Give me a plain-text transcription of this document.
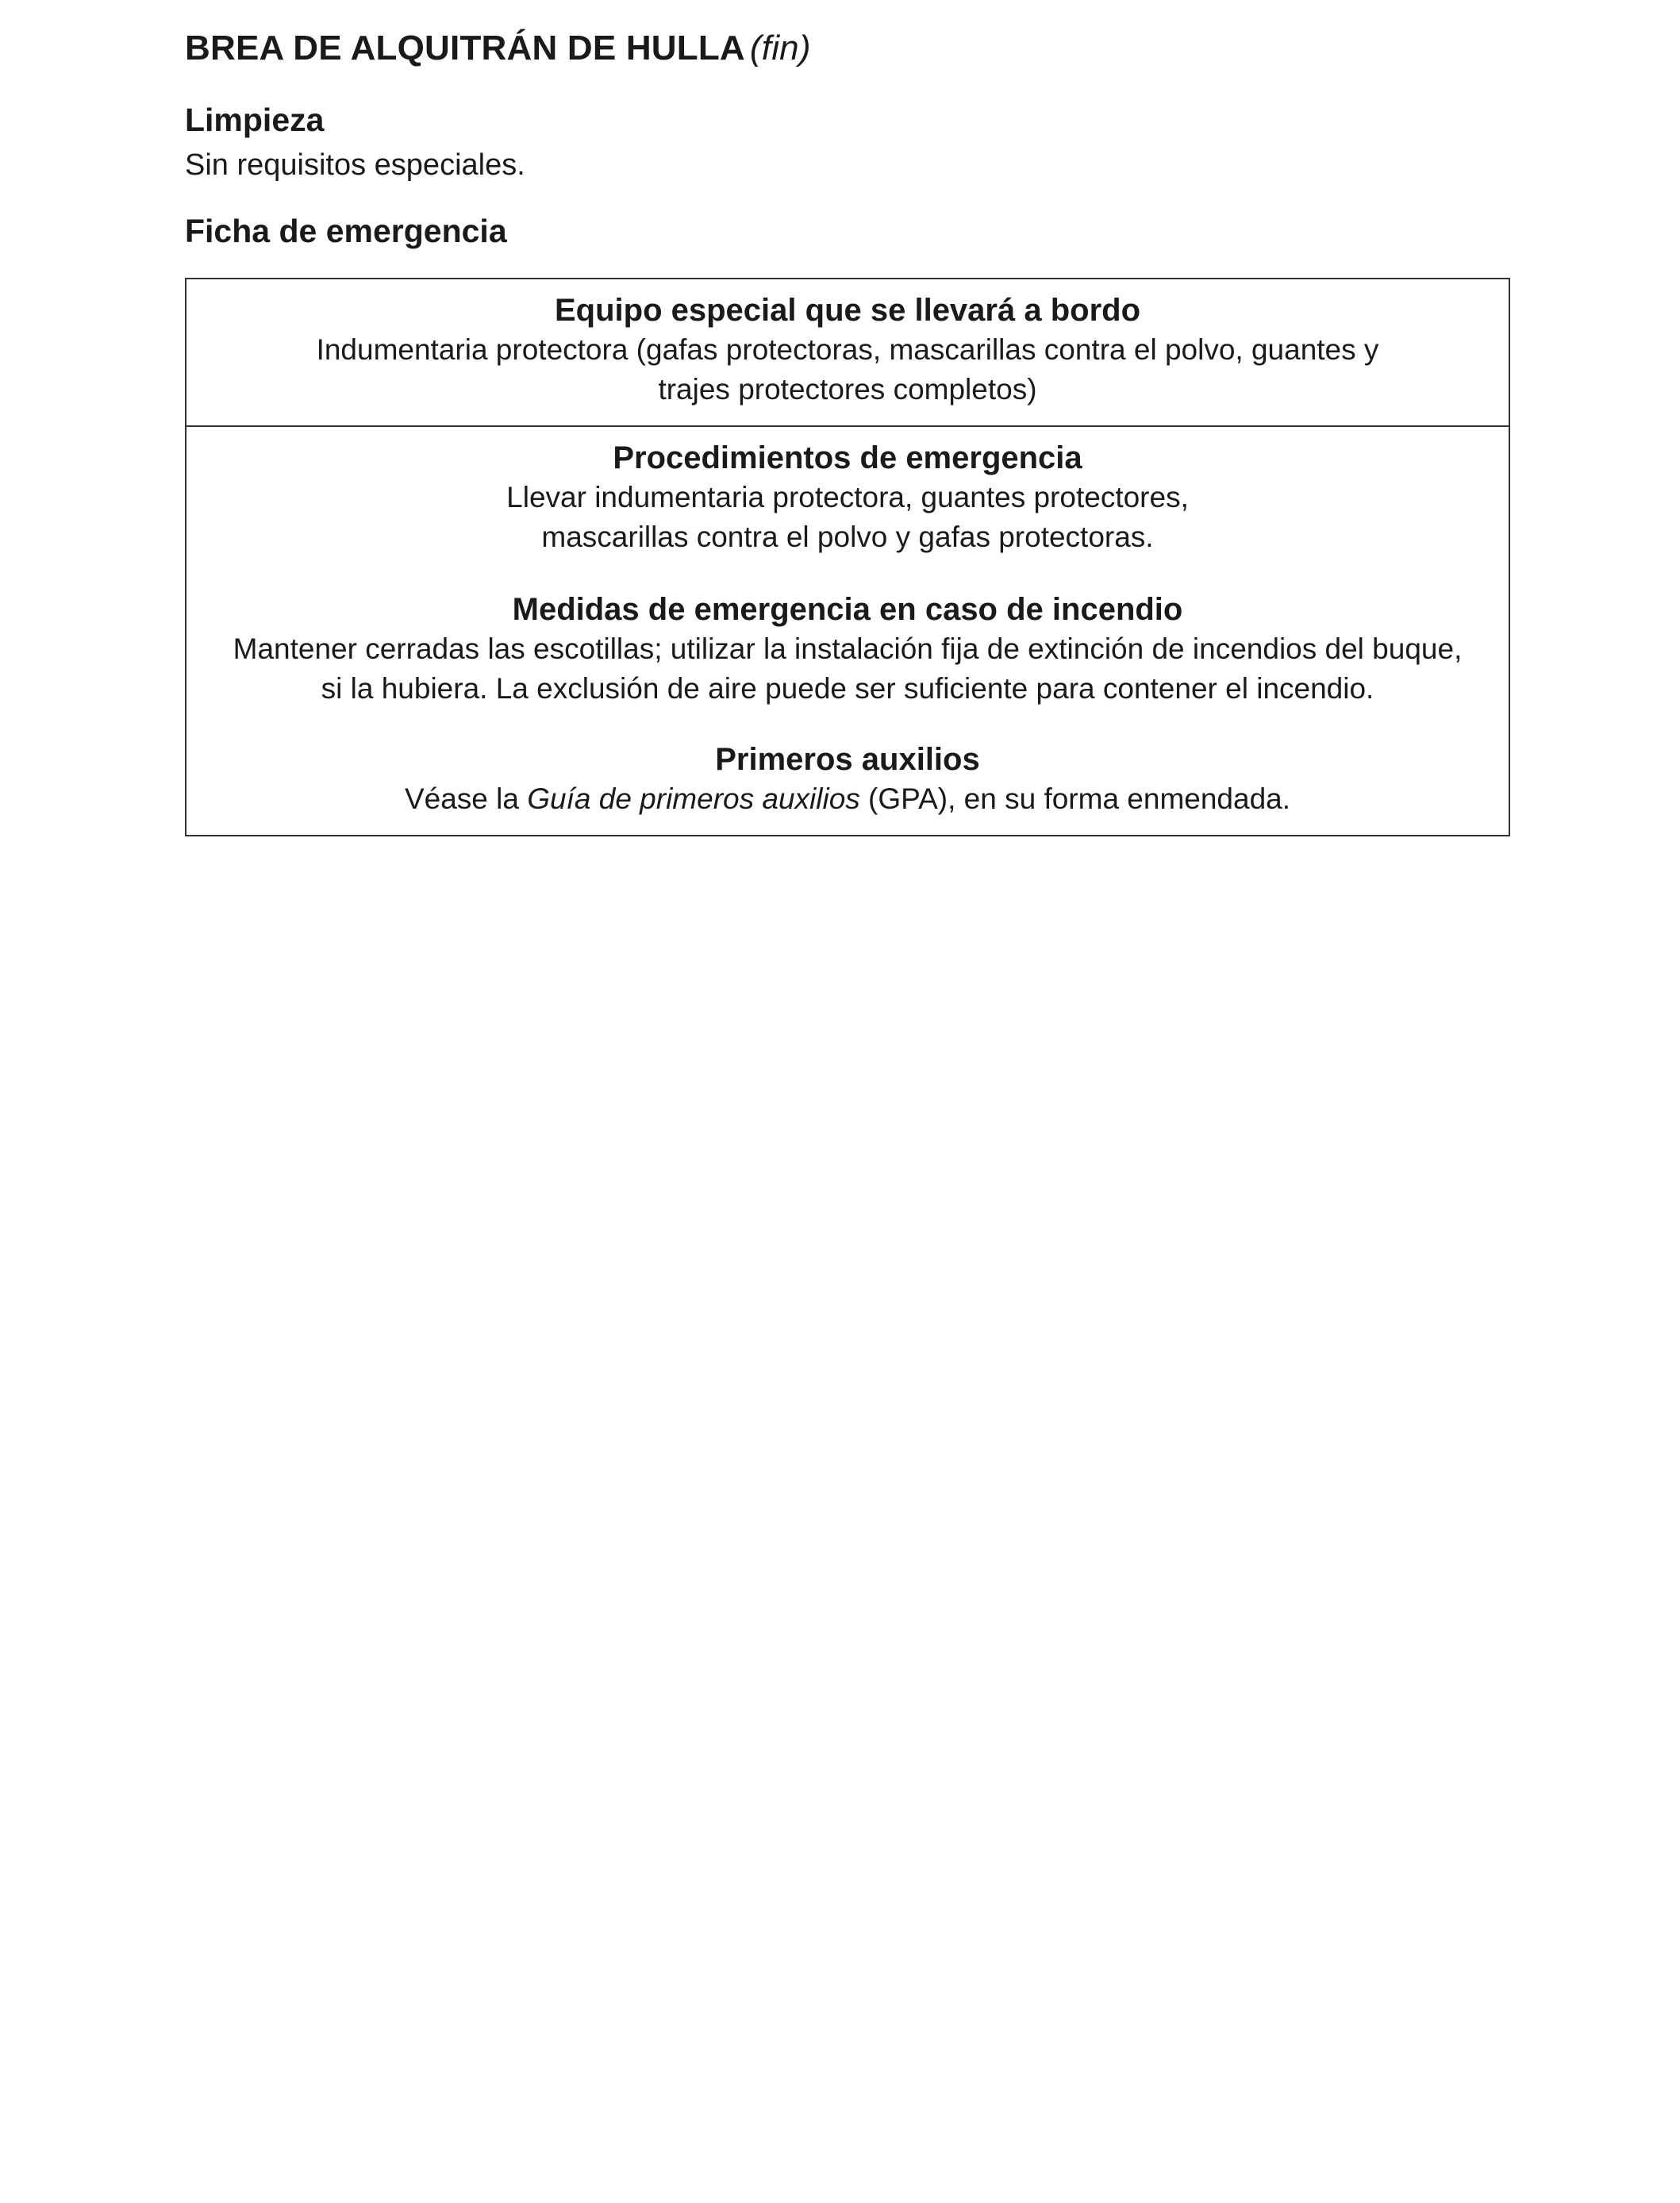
BREA DE ALQUITRÁN DE HULLA (fin)
Limpieza

Sin requisitos especiales.

Ficha de emergencia

Equipo especial que se llevará a bordo

Indumentaria protectora (gafas protectoras, mascarillas contra el polvo, guantes y

trajes protectores completos)

Procedimientos de emergencia

Llevar indumentaria protectora, guantes protectores,

mascarillas contra el polvo y gafas protectoras.

Medidas de emergencia en caso de incendio

Mantener cerradas las escotillas; utilizar la instalación fija de extinción de incendios del buque,

si la hubiera. La exclusión de aire puede ser suficiente para contener el incendio.

Primeros auxilios

Véase la Guía de primeros auxilios (GPA), en su forma enmendada.
